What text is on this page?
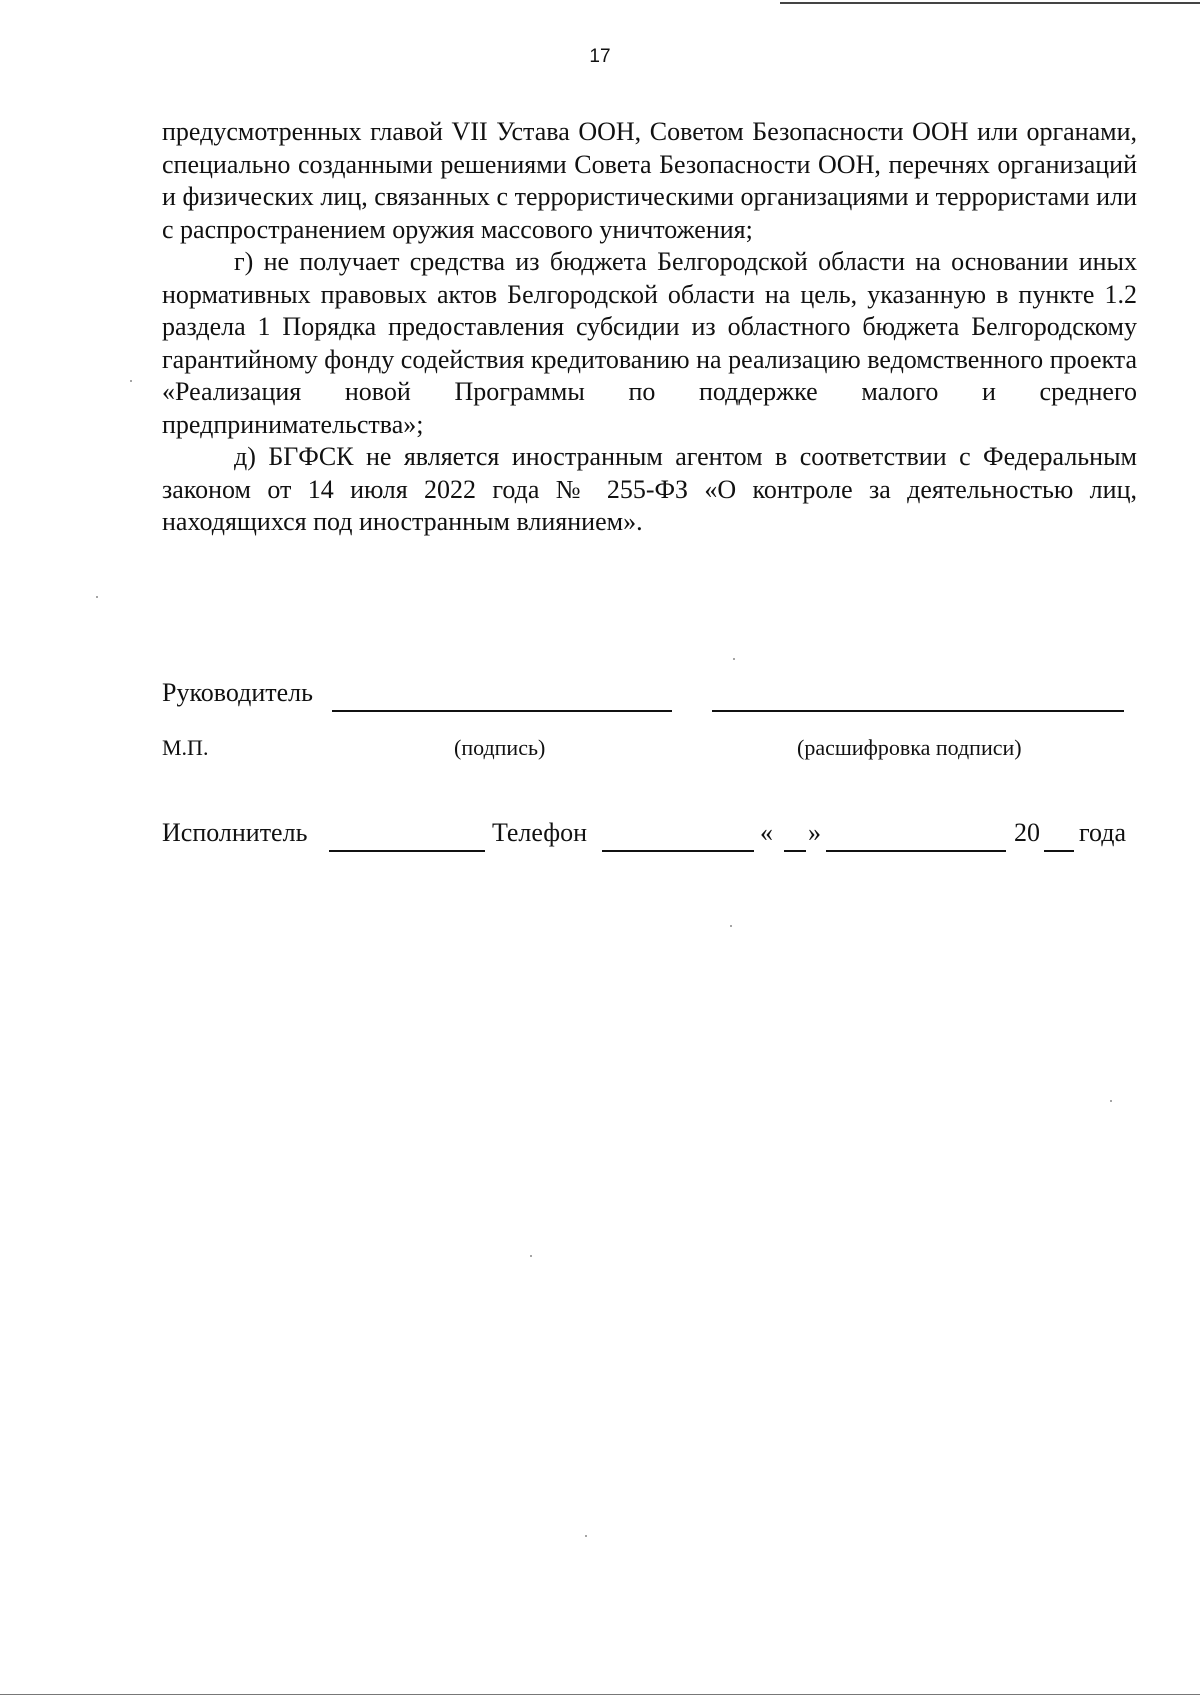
17

предусмотренных главой VII Устава ООН, Советом Безопасности ООН или органами, специально созданными решениями Совета Безопасности ООН, перечнях организаций и физических лиц, связанных с террористическими организациями и террористами или с распространением оружия массового уничтожения;

г) не получает средства из бюджета Белгородской области на основании иных нормативных правовых актов Белгородской области на цель, указанную в пункте 1.2 раздела 1 Порядка предоставления субсидии из областного бюджета Белгородскому гарантийному фонду содействия кредитованию на реализацию ведомственного проекта «Реализация новой Программы по поддержке малого и среднего предпринимательства»;

д) БГФСК не является иностранным агентом в соответствии с Федеральным законом от 14 июля 2022 года № 255-ФЗ «О контроле за деятельностью лиц, находящихся под иностранным влиянием».

Руководитель
М.П.	(подпись)	(расшифровка подписи)
Исполнитель	Телефон	« »	20 года
